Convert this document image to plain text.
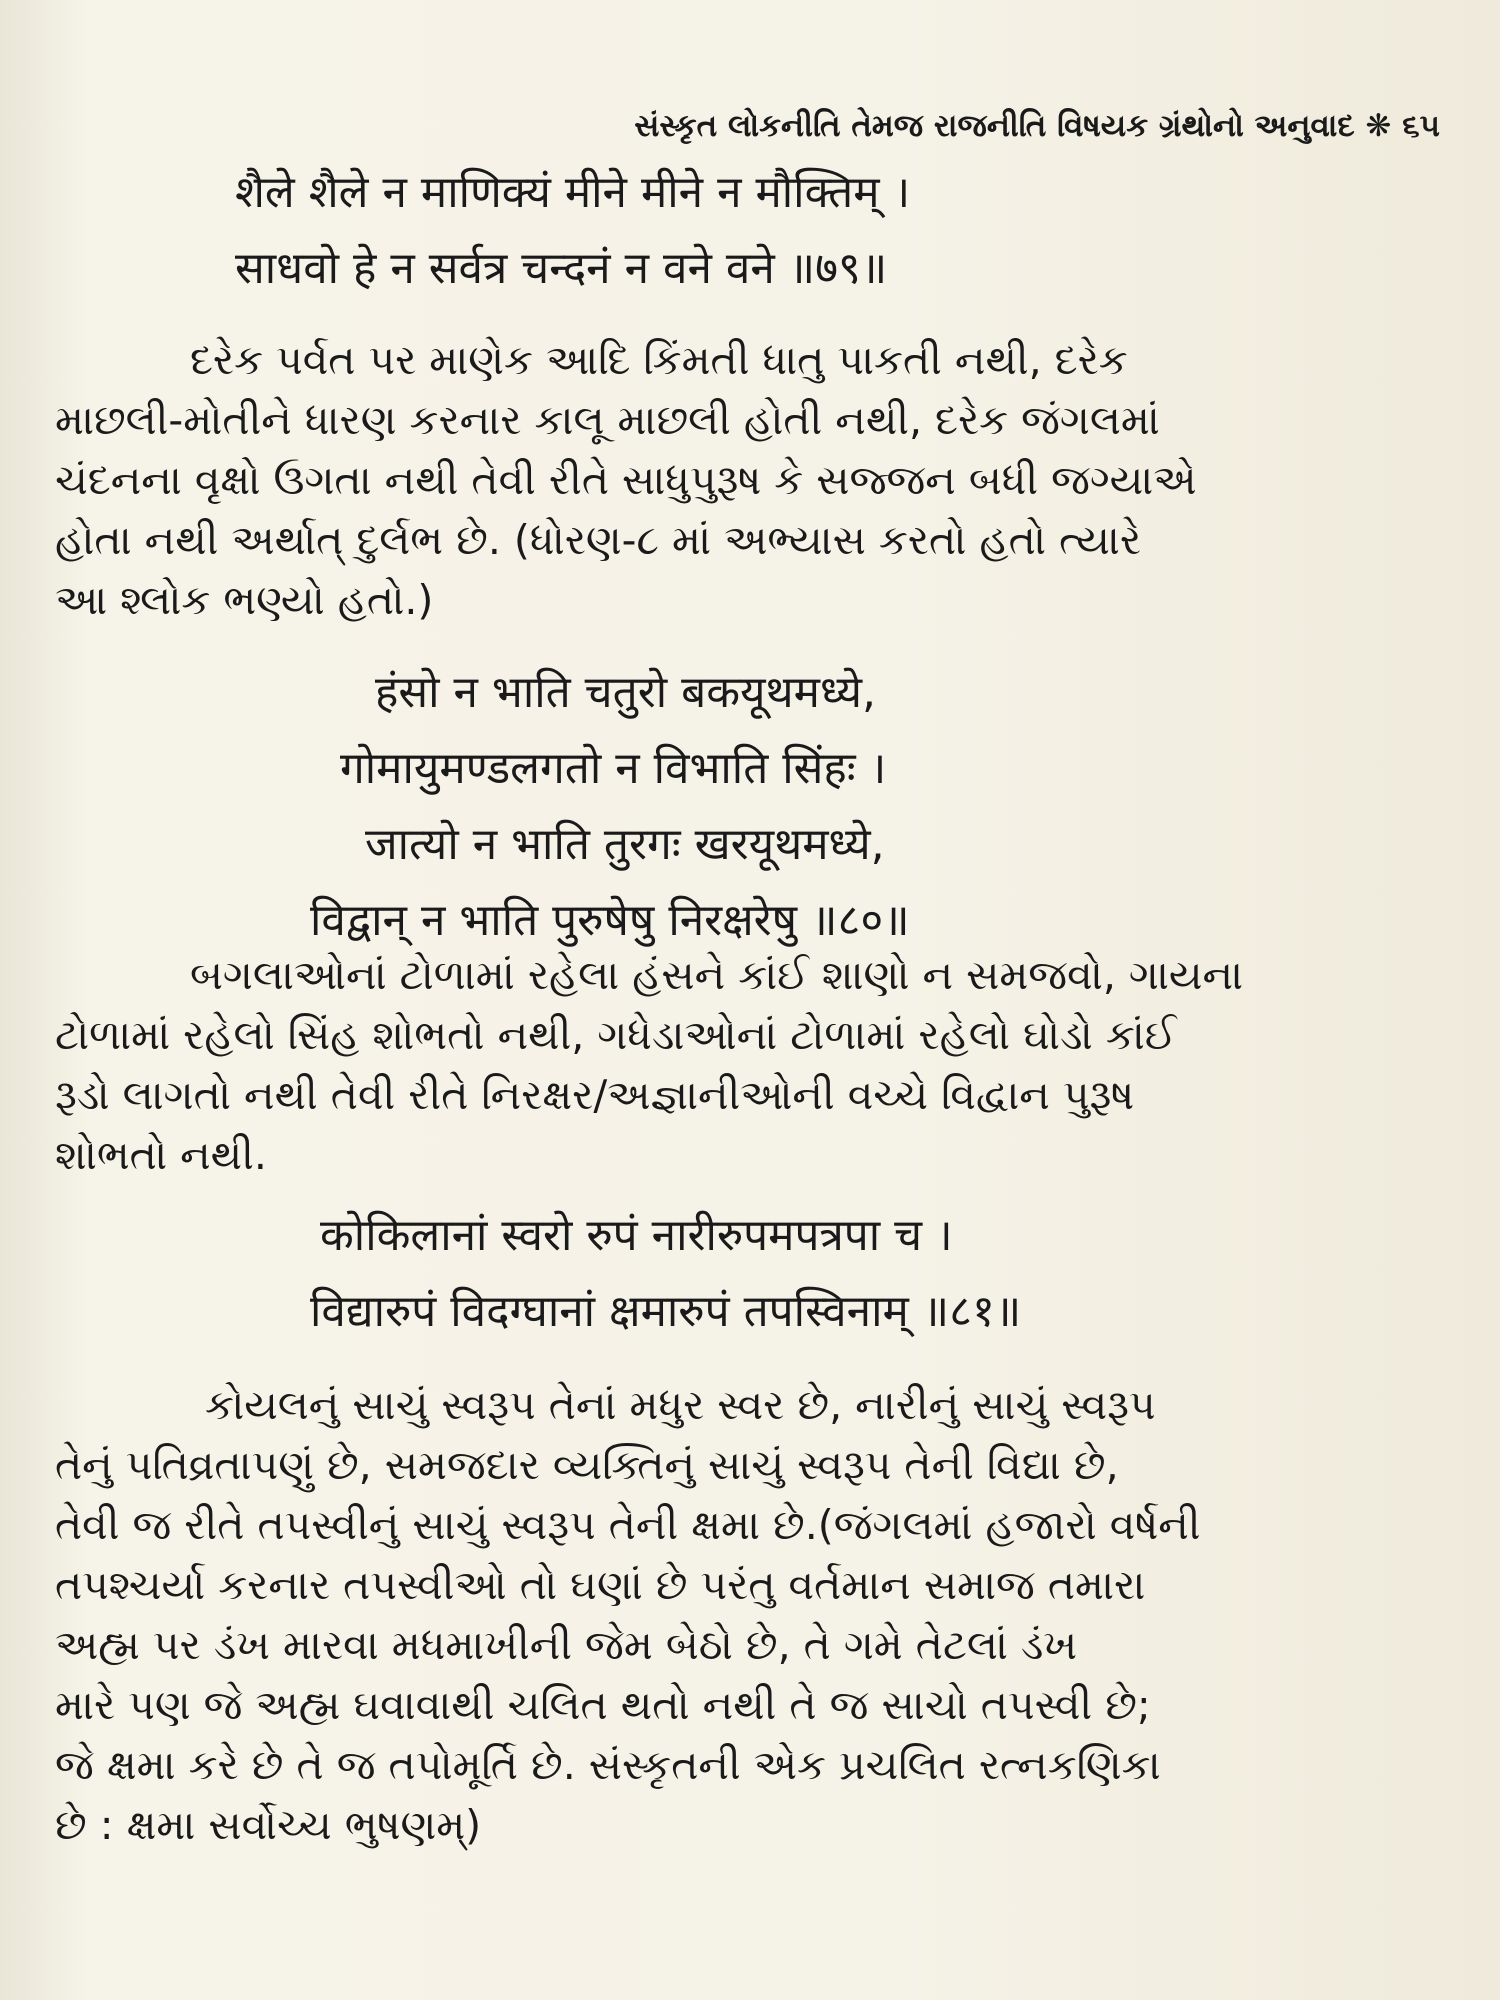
સંસ્કૃત લોકનીતિ તેમજ રાજનીતિ વિષયક ગ્રંથોનો અનુવાદ ❋ ૬૫
शैले शैले न माणिक्यं मीने मीने न मौक्तिम् ।
साधवो हे न सर्वत्र चन्दनं न वने वने ॥७९॥
દરેક પર્વત પર માણેક આદિ કિંમતી ધાતુ પાકતી નથી, દરેક
માછલી-મોતીને ધારણ કરનાર કાલૂ માછલી હોતી નથી, દરેક જંગલમાં
ચંદનના વૃક્ષો ઉગતા નથી તેવી રીતે સાધુપુરૂષ કે સજ્જન બધી જગ્યાએ
હોતા નથી અર્થાત્ દુર્લભ છે. (ધોરણ-૮ માં અભ્યાસ કરતો હતો ત્યારે
આ શ્લોક ભણ્યો હતો.)
हंसो न भाति चतुरो बकयूथमध्ये,
गोमायुमण्डलगतो न विभाति सिंहः ।
जात्यो न भाति तुरगः खरयूथमध्ये,
विद्वान् न भाति पुरुषेषु निरक्षरेषु ॥८०॥
બગલાઓનાં ટોળામાં રહેલા હંસને કાંઈ શાણો ન સમજવો, ગાયના
ટોળામાં રહેલો સિંહ શોભતો નથી, ગધેડાઓનાં ટોળામાં રહેલો ઘોડો કાંઈ
રૂડો લાગતો નથી તેવી રીતે નિરક્ષર/અજ્ઞાનીઓની વચ્ચે વિદ્વાન પુરૂષ
શોભતો નથી.
कोकिलानां स्वरो रुपं नारीरुपमपत्रपा च ।
विद्यारुपं विदग्घानां क्षमारुपं तपस्विनाम् ॥८१॥
કોયલનું સાચું સ્વરૂપ તેનાં મધુર સ્વર છે, નારીનું સાચું સ્વરૂપ
તેનું પતિવ્રતાપણું છે, સમજદાર વ્યક્તિનું સાચું સ્વરૂપ તેની વિદ્યા છે,
તેવી જ રીતે તપસ્વીનું સાચું સ્વરૂપ તેની ક્ષમા છે.(જંગલમાં હજારો વર્ષની
તપશ્ચર્યા કરનાર તપસ્વીઓ તો ઘણાં છે પરંતુ વર્તમાન સમાજ તમારા
અહ્મ પર ડંખ મારવા મધમાખીની જેમ બેઠો છે, તે ગમે તેટલાં ડંખ
મારે પણ જે અહ્મ ઘવાવાથી ચલિત થતો નથી તે જ સાચો તપસ્વી છે;
જે ક્ષમા કરે છે તે જ તપોમૂર્તિ છે. સંસ્કૃતની એક પ્રચલિત રત્નકણિકા
છે : ક્ષમા સર્વોચ્ચ ભુષણમ્)
